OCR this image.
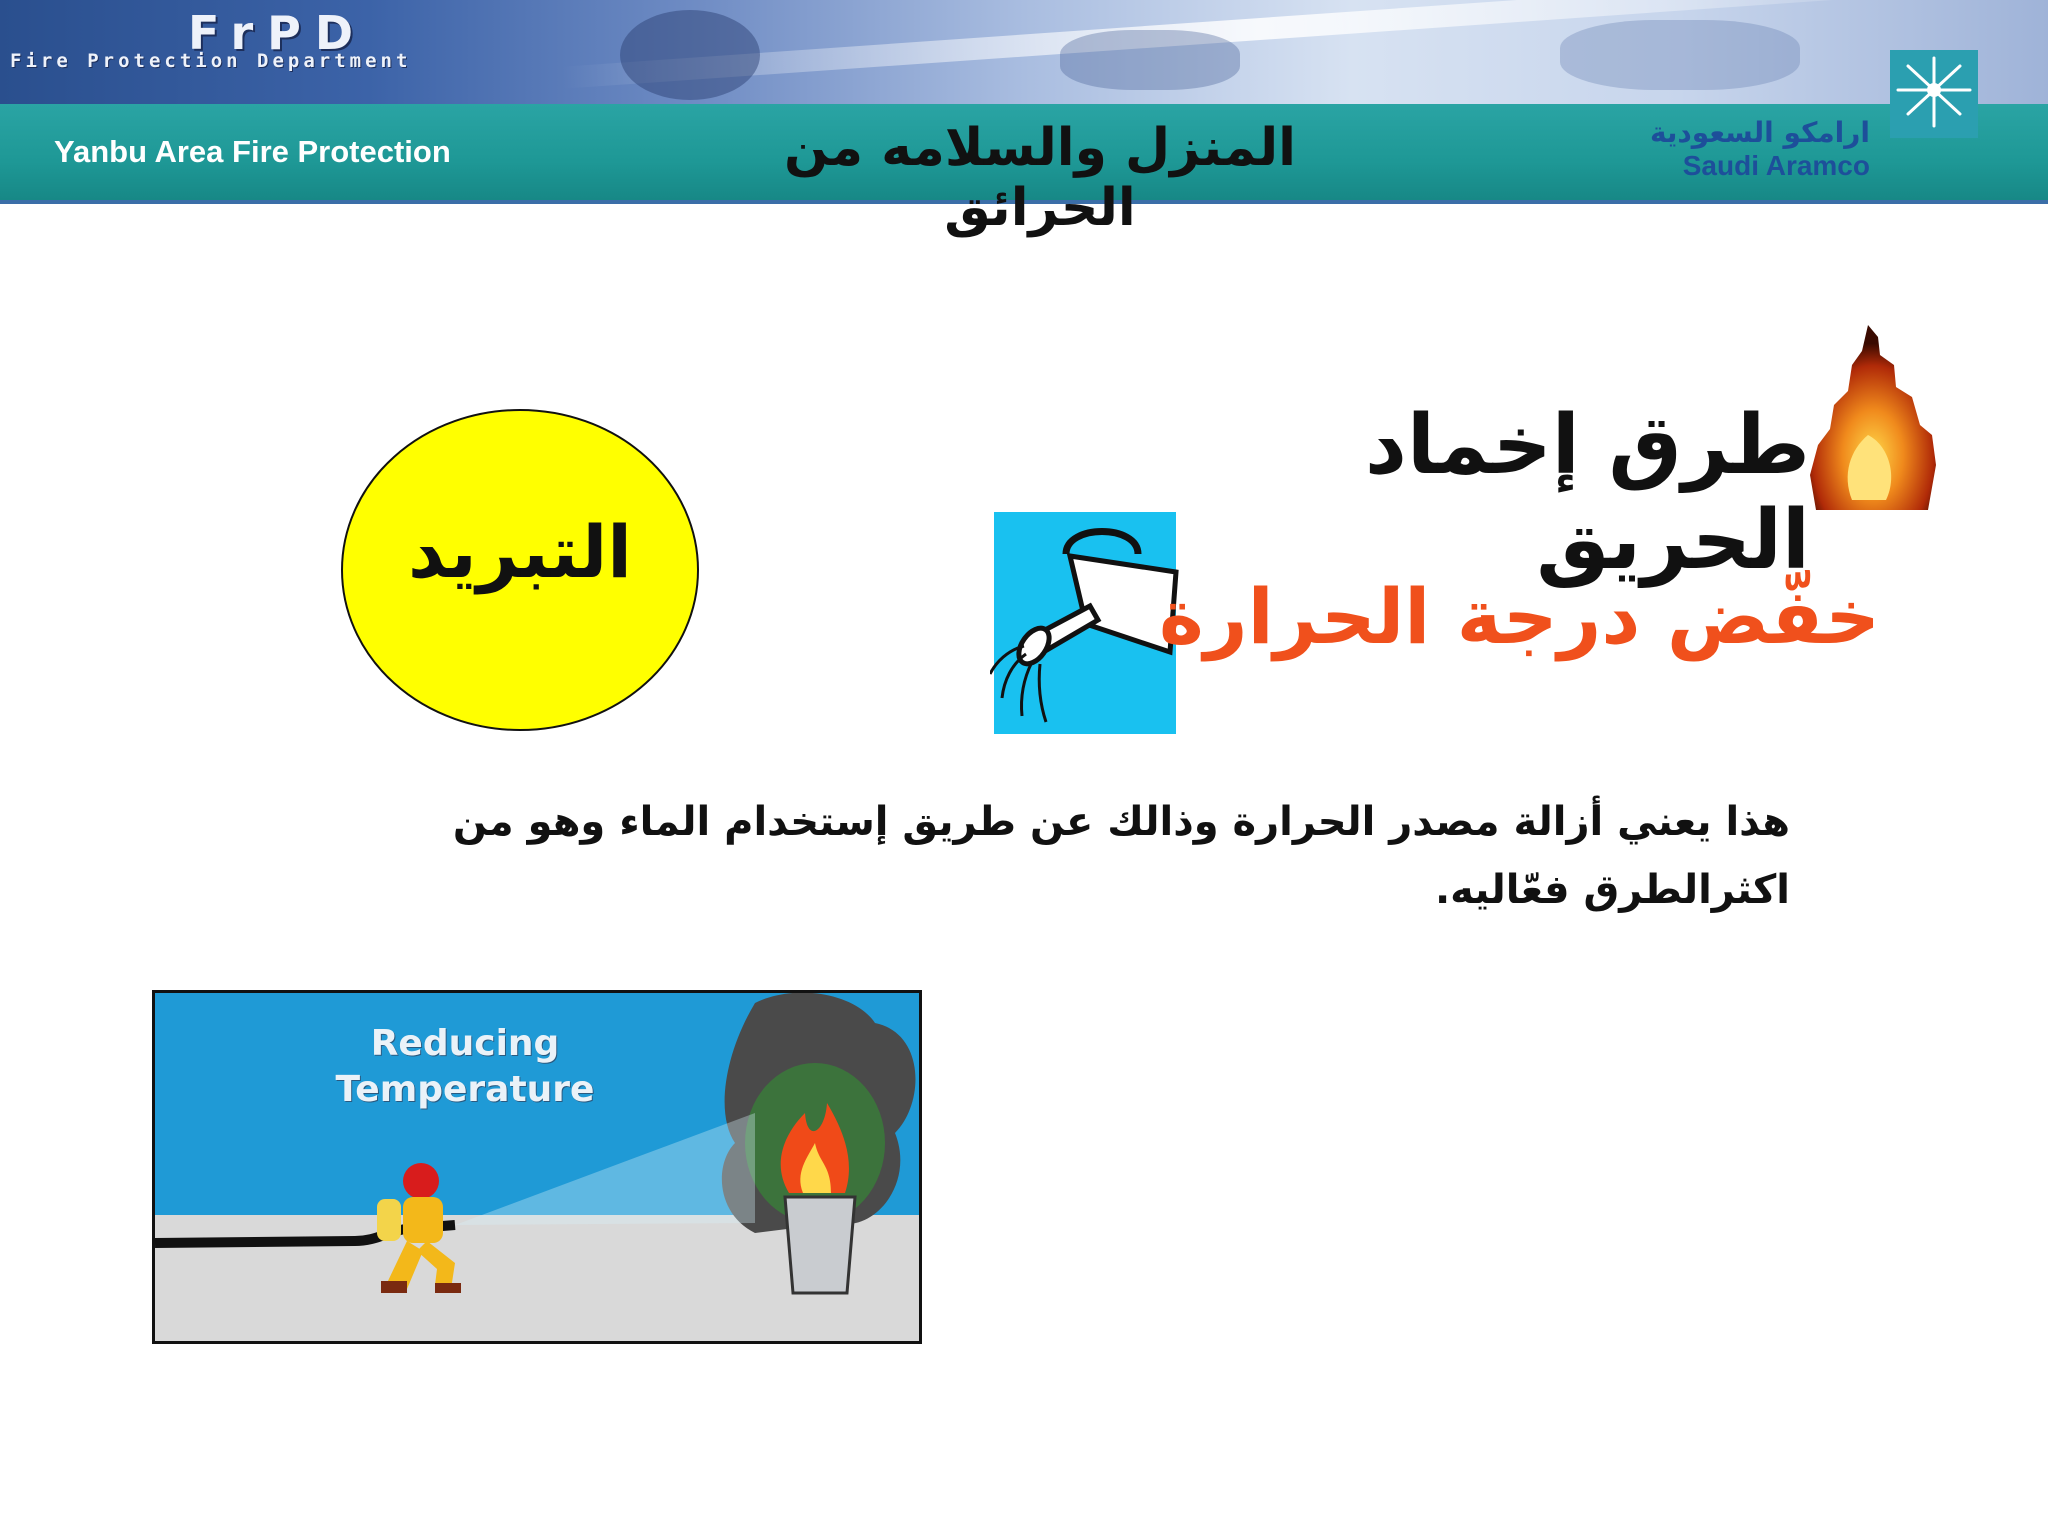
FrPD
Fire Protection Department
Yanbu Area Fire Protection	المنزل والسلامه من الحرائق
ارامكو السعودية
Saudi Aramco
طرق إخماد الحريق
خفّض درجة الحرارة
التبريد
هذا يعني أزالة مصدر الحرارة وذالك عن طريق إستخدام الماء وهو من اكثرالطرق فعّاليه.
Reducing
Temperature
